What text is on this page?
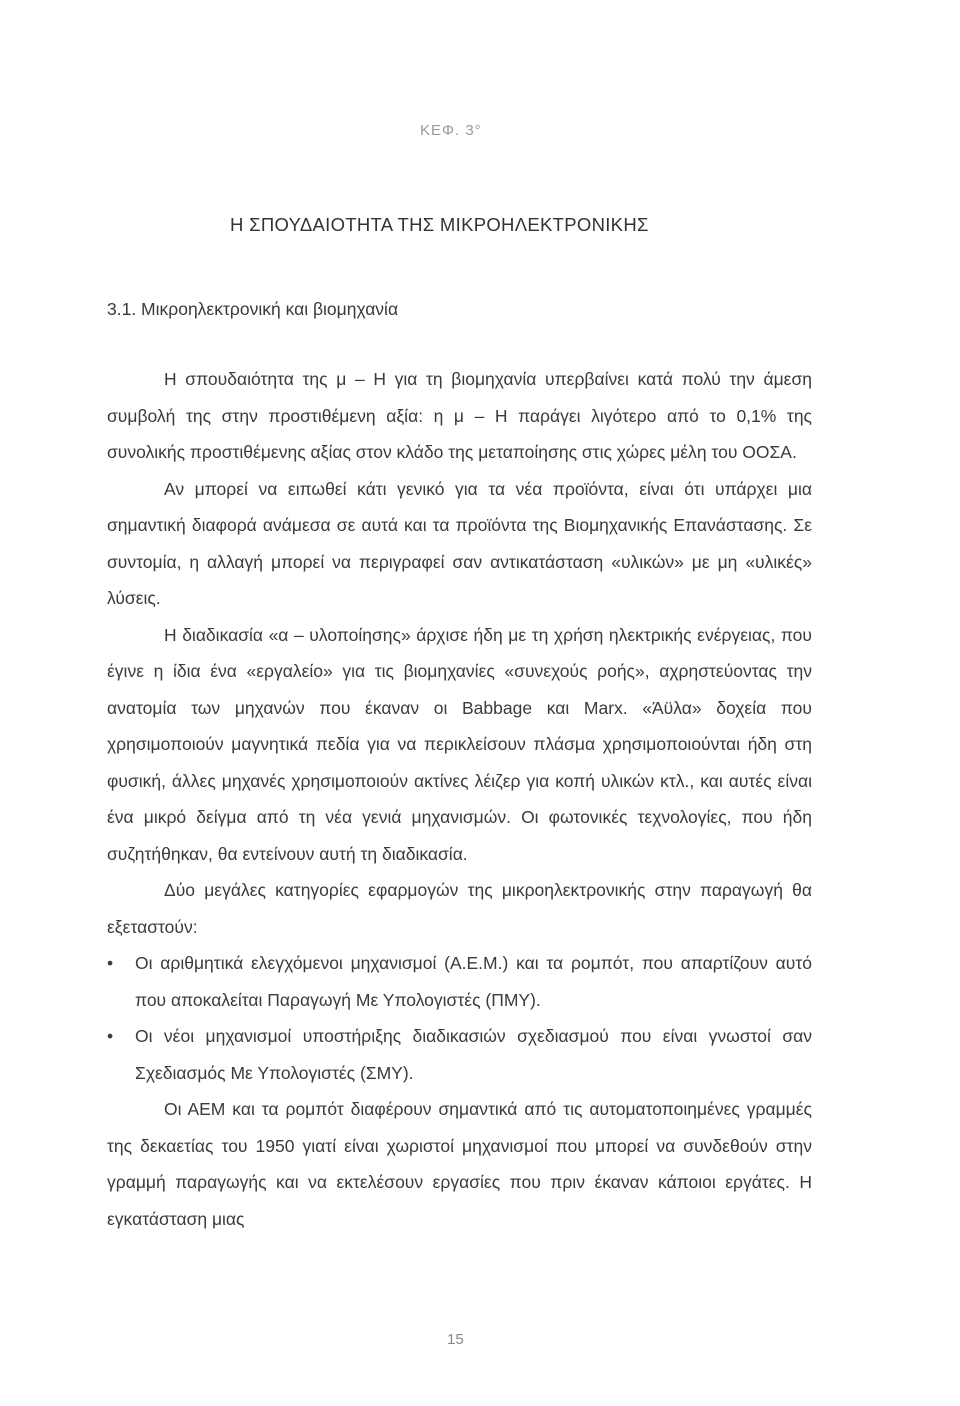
ΚΕΦ. 3°
Η ΣΠΟΥΔΑΙΟΤΗΤΑ ΤΗΣ ΜΙΚΡΟΗΛΕΚΤΡΟΝΙΚΗΣ
3.1. Μικροηλεκτρονική και βιομηχανία

Η σπουδαιότητα της μ – Η για τη βιομηχανία υπερβαίνει κατά πολύ την άμεση συμβολή της στην προστιθέμενη αξία: η μ – Η παράγει λιγότερο από το 0,1% της συνολικής προστιθέμενης αξίας στον κλάδο της μεταποίησης στις χώρες μέλη του ΟΟΣΑ.

Αν μπορεί να ειπωθεί κάτι γενικό για τα νέα προϊόντα, είναι ότι υπάρχει μια σημαντική διαφορά ανάμεσα σε αυτά και τα προϊόντα της Βιομηχανικής Επανάστασης. Σε συντομία, η αλλαγή μπορεί να περιγραφεί σαν αντικατάσταση «υλικών» με μη «υλικές» λύσεις.

Η διαδικασία «α – υλοποίησης» άρχισε ήδη με τη χρήση ηλεκτρικής ενέργειας, που έγινε η ίδια ένα «εργαλείο» για τις βιομηχανίες «συνεχούς ροής», αχρηστεύοντας την ανατομία των μηχανών που έκαναν οι Babbage και Marx. «Άϋλα» δοχεία που χρησιμοποιούν μαγνητικά πεδία για να περικλείσουν πλάσμα χρησιμοποιούνται ήδη στη φυσική, άλλες μηχανές χρησιμοποιούν ακτίνες λέιζερ για κοπή υλικών κτλ., και αυτές είναι ένα μικρό δείγμα από τη νέα γενιά μηχανισμών. Οι φωτονικές τεχνολογίες, που ήδη συζητήθηκαν, θα εντείνουν αυτή τη διαδικασία.

Δύο μεγάλες κατηγορίες εφαρμογών της μικροηλεκτρονικής στην παραγωγή θα εξεταστούν:

•	Οι αριθμητικά ελεγχόμενοι μηχανισμοί (Α.Ε.Μ.) και τα ρομπότ, που απαρτίζουν αυτό που αποκαλείται Παραγωγή Με Υπολογιστές (ΠΜΥ).
•	Οι νέοι μηχανισμοί υποστήριξης διαδικασιών σχεδιασμού που είναι γνωστοί σαν Σχεδιασμός Με Υπολογιστές (ΣΜΥ).

Οι ΑΕΜ και τα ρομπότ διαφέρουν σημαντικά από τις αυτοματοποιημένες γραμμές της δεκαετίας του 1950 γιατί είναι χωριστοί μηχανισμοί που μπορεί να συνδεθούν στην γραμμή παραγωγής και να εκτελέσουν εργασίες που πριν έκαναν κάποιοι εργάτες. Η εγκατάσταση μιας

15
